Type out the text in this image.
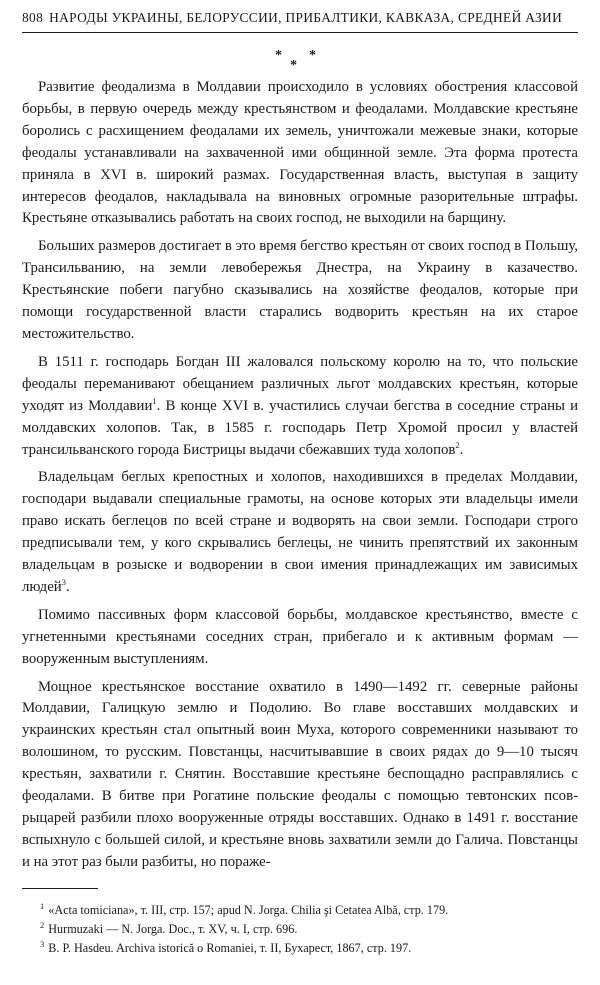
808 НАРОДЫ УКРАИНЫ, БЕЛОРУССИИ, ПРИБАЛТИКИ, КАВКАЗА, СРЕДНЕЙ АЗИИ
*
*
*

Развитие феодализма в Молдавии происходило в условиях обострения классовой борьбы, в первую очередь между крестьянством и феодалами. Молдавские крестьяне боролись с расхищением феодалами их земель, уничтожали межевые знаки, которые феодалы устанавливали на захваченной ими общинной земле. Эта форма протеста приняла в XVI в. широкий размах. Государственная власть, выступая в защиту интересов феодалов, накладывала на виновных огромные разорительные штрафы. Крестьяне отказывались работать на своих господ, не выходили на барщину.

Больших размеров достигает в это время бегство крестьян от своих господ в Польшу, Трансильванию, на земли левобережья Днестра, на Украину в казачество. Крестьянские побеги пагубно сказывались на хозяйстве феодалов, которые при помощи государственной власти старались водворить крестьян на их старое местожительство.

В 1511 г. господарь Богдан III жаловался польскому королю на то, что польские феодалы переманивают обещанием различных льгот молдавских крестьян, которые уходят из Молдавии$^1$. В конце XVI в. участились случаи бегства в соседние страны и молдавских холопов. Так, в 1585 г. господарь Петр Хромой просил у властей трансильванского города Бистрицы выдачи сбежавших туда холопов$^2$.

Владельцам беглых крепостных и холопов, находившихся в пределах Молдавии, господари выдавали специальные грамоты, на основе которых эти владельцы имели право искать беглецов по всей стране и водворять на свои земли. Господари строго предписывали тем, у кого скрывались беглецы, не чинить препятствий их законным владельцам в розыске и водворении в свои имения принадлежащих им зависимых людей$^3$.

Помимо пассивных форм классовой борьбы, молдавское крестьянство, вместе с угнетенными крестьянами соседних стран, прибегало и к активным формам — вооруженным выступлениям.

Мощное крестьянское восстание охватило в 1490—1492 гг. северные районы Молдавии, Галицкую землю и Подолию. Во главе восставших молдавских и украинских крестьян стал опытный воин Муха, которого современники называют то волошином, то русским. Повстанцы, насчитывавшие в своих рядах до 9—10 тысяч крестьян, захватили г. Снятин. Восставшие крестьяне беспощадно расправлялись с феодалами. В битве при Рогатине польские феодалы с помощью тевтонских псов-рыцарей разбили плохо вооруженные отряды восставших. Однако в 1491 г. восстание вспыхнуло с большей силой, и крестьяне вновь захватили земли до Галича. Повстанцы и на этот раз были разбиты, но пораже-

$^1$ «Acta tomiciana», т. III, стр. 157; apud N. Jorga. Chilia şi Cetatea Albă, стр. 179.
$^2$ Hurmuzaki — N. Jorga. Doc., т. XV, ч. I, стр. 696.
$^3$ B. P. Hasdeu. Archiva istorică o Romaniei, т. II, Бухарест, 1867, стр. 197.
